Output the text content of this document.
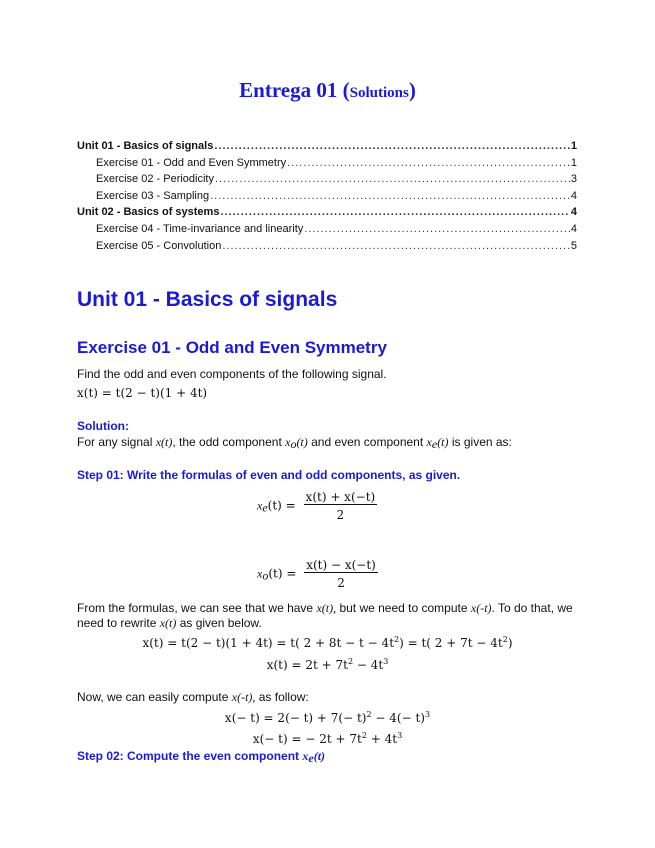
Entrega 01 (Solutions)
Unit 01 - Basics of signals .....	1
Exercise 01 - Odd and Even Symmetry .....	1
Exercise 02 - Periodicity .....	3
Exercise 03 - Sampling .....	4
Unit 02 - Basics of systems .....	4
Exercise 04 - Time-invariance and linearity .....	4
Exercise 05 - Convolution .....	5
Unit 01 - Basics of signals
Exercise 01 - Odd and Even Symmetry
Find the odd and even components of the following signal.
x(t) = t(2 − t)(1 + 4t)
Solution:
For any signal x(t), the odd component $x_o(t)$ and even component $x_e(t)$ is given as:
Step 01: Write the formulas of even and odd components, as given.
$x_e(t) = \frac{x(t) + x(-t)}{2}$
$x_o(t) = \frac{x(t) - x(-t)}{2}$
From the formulas, we can see that we have x(t), but we need to compute x(-t). To do that, we need to rewrite x(t) as given below.
x(t) = t(2 − t)(1 + 4t) = t( $2 + 8t - t - 4t^2) = t$( $2 + 7t - 4t^2$)
$x(t) = 2t + 7t^2 - 4t^3$
Now, we can easily compute x(-t), as follow:
$x(- t) = 2(- t) + 7(- t)^2 - 4(- t)^3$
x(− t) = − $2t + 7t^2 + 4t^3$
Step 02: Compute the even component $x_e(t)$
